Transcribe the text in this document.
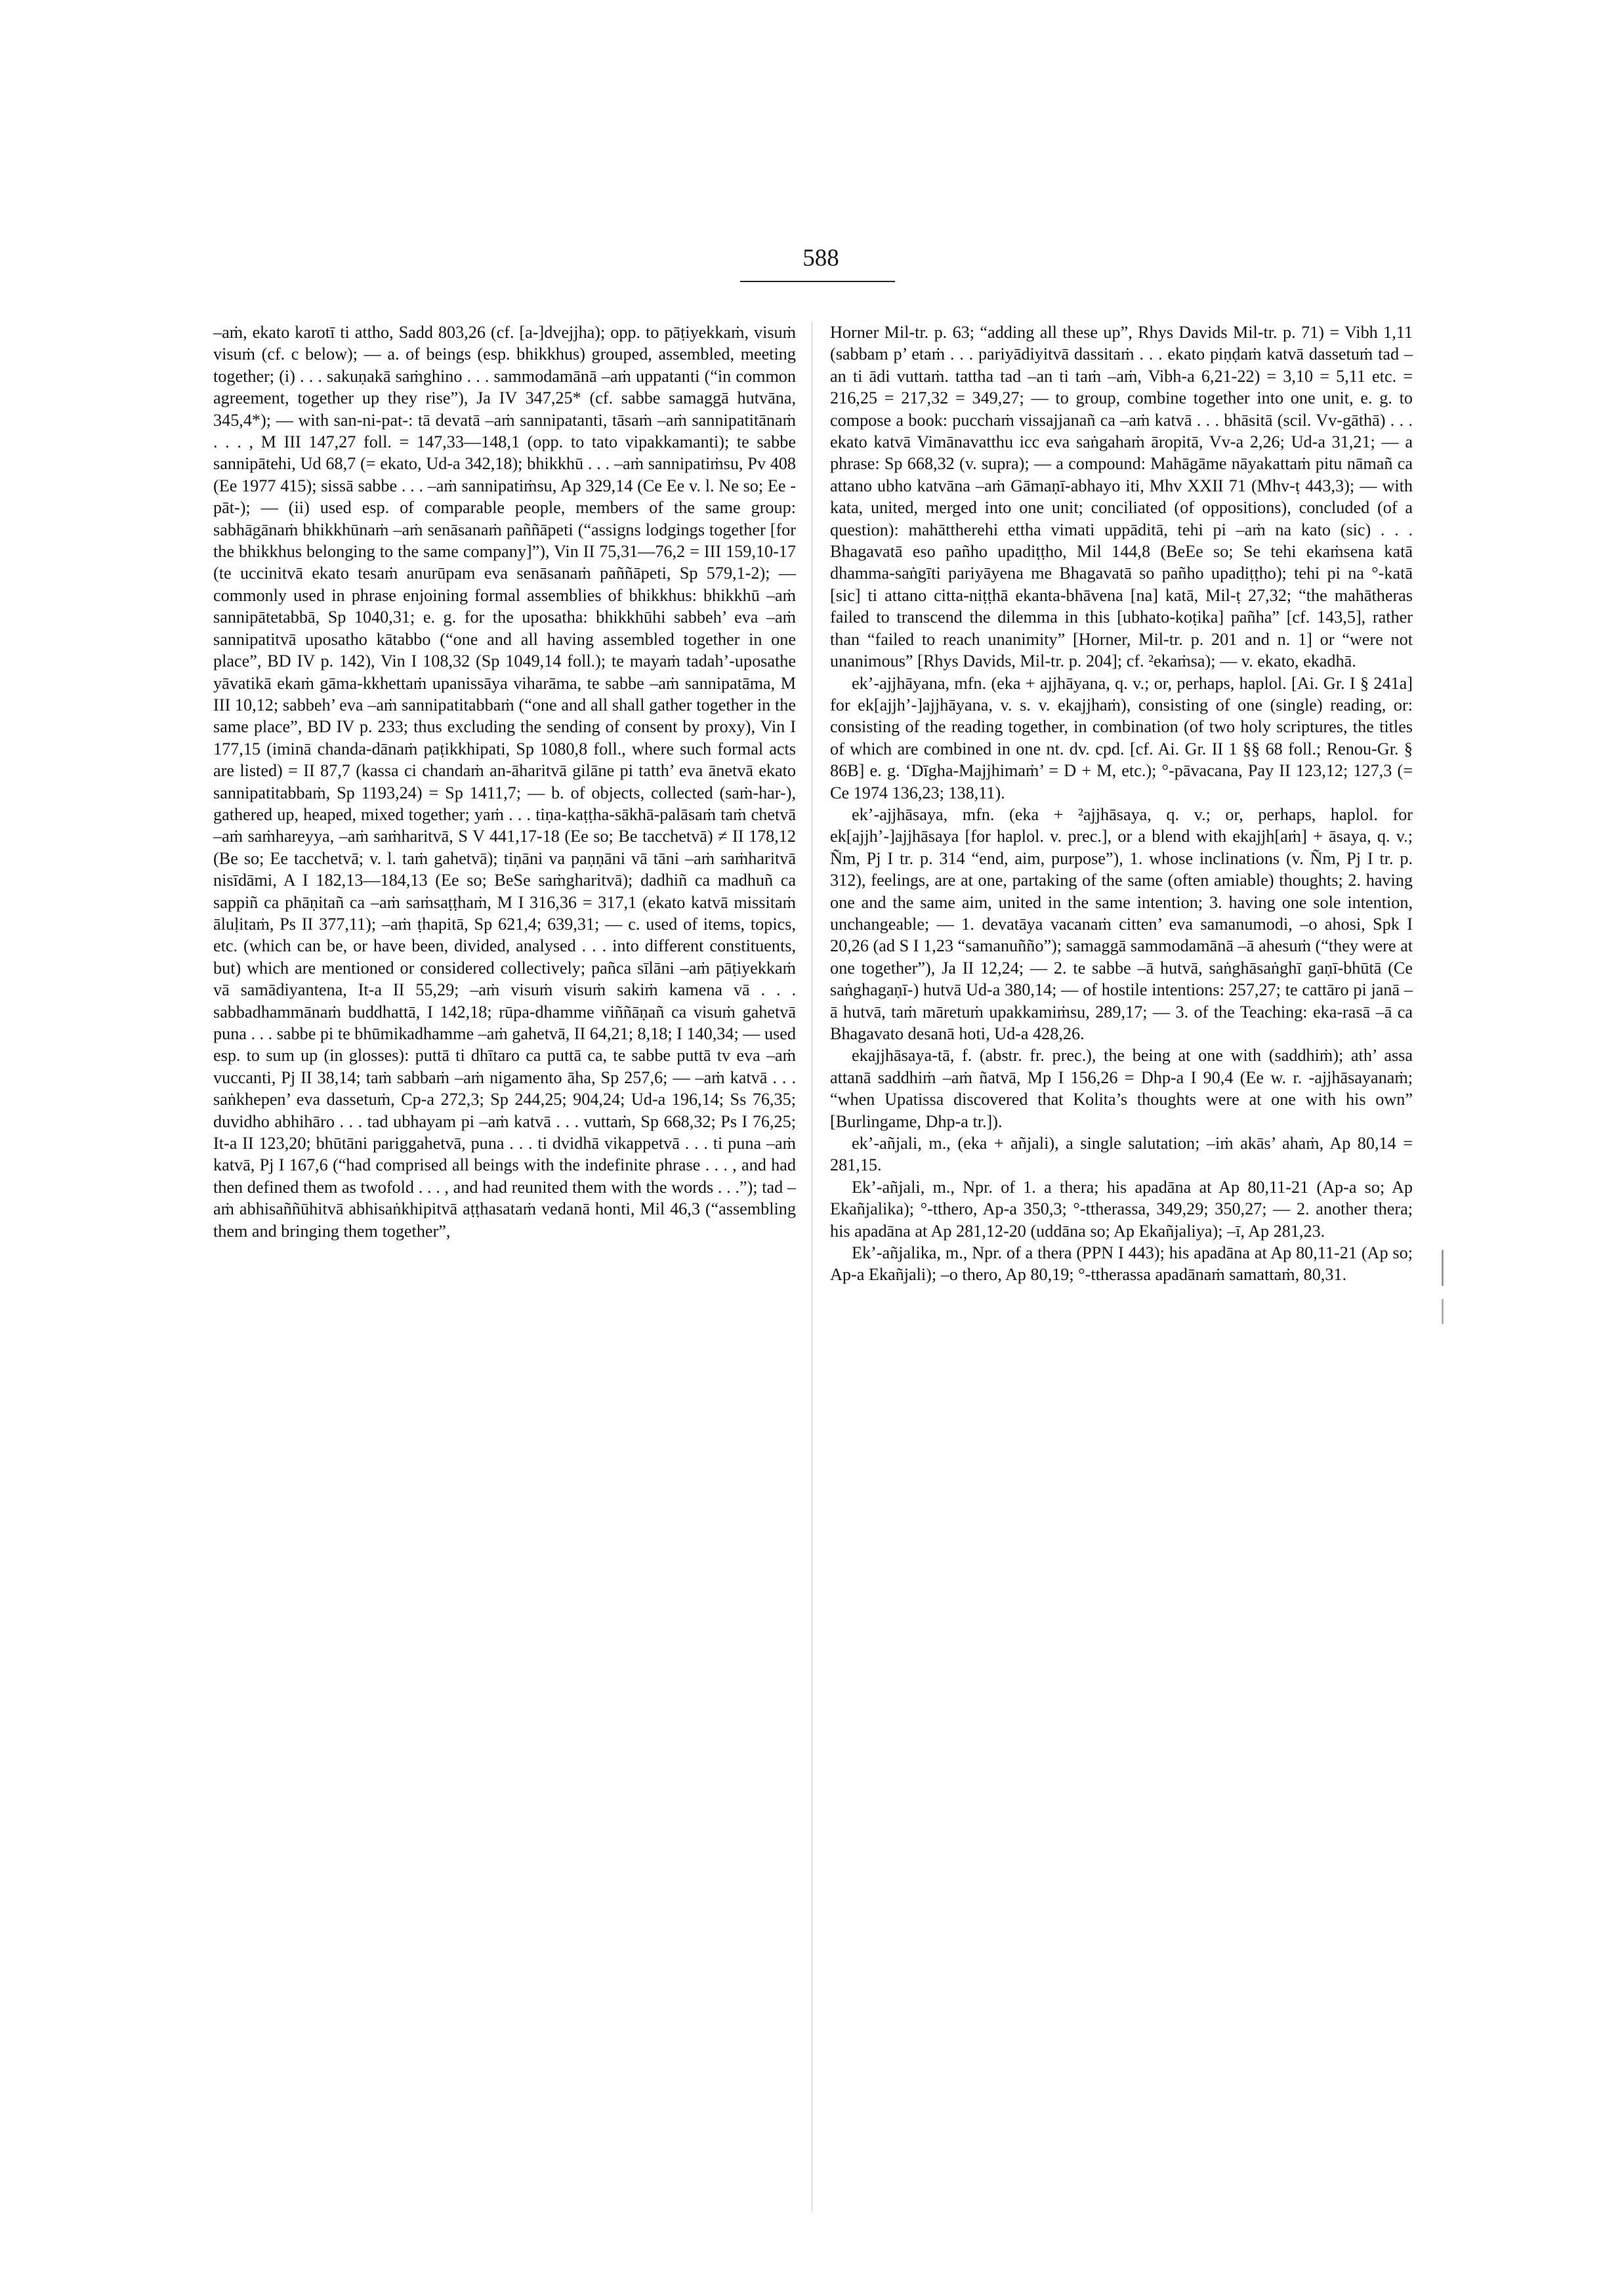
588

–aṁ, ekato karotī ti attho, Sadd 803,26 (cf. [a-]dvejjha); opp. to pāṭiyekkaṁ, visuṁ visuṁ (cf. c below); — a. of beings (esp. bhikkhus) grouped, assembled, meeting together; (i) . . . sakuṇakā saṁghino . . . sammodamānā –aṁ uppatanti (“in common agreement, together up they rise”), Ja IV 347,25* (cf. sabbe samaggā hutvāna, 345,4*); — with san-ni-pat-: tā devatā –aṁ sannipatanti, tāsaṁ –aṁ sannipatitānaṁ . . . , M III 147,27 foll. = 147,33—148,1 (opp. to tato vipakkamanti); te sabbe sannipātehi, Ud 68,7 (= ekato, Ud-a 342,18); bhikkhū . . . –aṁ sannipatiṁsu, Pv 408 (Ee 1977 415); sissā sabbe . . . –aṁ sannipatiṁsu, Ap 329,14 (Ce Ee v. l. Ne so; Ee -pāt-); — (ii) used esp. of comparable people, members of the same group: sabhāgānaṁ bhikkhūnaṁ –aṁ senāsanaṁ paññāpeti (“assigns lodgings together [for the bhikkhus belonging to the same company]”), Vin II 75,31—76,2 = III 159,10-17 (te uccinitvā ekato tesaṁ anurūpam eva senāsanaṁ paññāpeti, Sp 579,1-2); — commonly used in phrase enjoining formal assemblies of bhikkhus: bhikkhū –aṁ sannipātetabbā, Sp 1040,31; e. g. for the uposatha: bhikkhūhi sabbeh’ eva –aṁ sannipatitvā uposatho kātabbo (“one and all having assembled together in one place”, BD IV p. 142), Vin I 108,32 (Sp 1049,14 foll.); te mayaṁ tadah’-uposathe yāvatikā ekaṁ gāma-kkhettaṁ upanissāya viharāma, te sabbe –aṁ sannipatāma, M III 10,12; sabbeh’ eva –aṁ sannipatitabbaṁ (“one and all shall gather together in the same place”, BD IV p. 233; thus excluding the sending of consent by proxy), Vin I 177,15 (iminā chanda-dānaṁ paṭikkhipati, Sp 1080,8 foll., where such formal acts are listed) = II 87,7 (kassa ci chandaṁ an-āharitvā gilāne pi tatth’ eva ānetvā ekato sannipatitabbaṁ, Sp 1193,24) = Sp 1411,7; — b. of objects, collected (saṁ-har-), gathered up, heaped, mixed together; yaṁ . . . tiṇa-kaṭṭha-sākhā-palāsaṁ taṁ chetvā –aṁ saṁhareyya, –aṁ saṁharitvā, S V 441,17-18 (Ee so; Be tacchetvā) ≠ II 178,12 (Be so; Ee tacchetvā; v. l. taṁ gahetvā); tiṇāni va paṇṇāni vā tāni –aṁ saṁharitvā nisīdāmi, A I 182,13—184,13 (Ee so; BeSe saṁgharitvā); dadhiñ ca madhuñ ca sappiñ ca phāṇitañ ca –aṁ saṁsaṭṭhaṁ, M I 316,36 = 317,1 (ekato katvā missitaṁ āluḷitaṁ, Ps II 377,11); –aṁ ṭhapitā, Sp 621,4; 639,31; — c. used of items, topics, etc. (which can be, or have been, divided, analysed . . . into different constituents, but) which are mentioned or considered collectively; pañca sīlāni –aṁ pāṭiyekkaṁ vā samādiyantena, It-a II 55,29; –aṁ visuṁ visuṁ sakiṁ kamena vā . . . sabbadhammānaṁ buddhattā, I 142,18; rūpa-dhamme viññāṇañ ca visuṁ gahetvā puna . . . sabbe pi te bhūmikadhamme –aṁ gahetvā, II 64,21; 8,18; I 140,34; — used esp. to sum up (in glosses): puttā ti dhītaro ca puttā ca, te sabbe puttā tv eva –aṁ vuccanti, Pj II 38,14; taṁ sabbaṁ –aṁ nigamento āha, Sp 257,6; — –aṁ katvā . . . saṅkhepen’ eva dassetuṁ, Cp-a 272,3; Sp 244,25; 904,24; Ud-a 196,14; Ss 76,35; duvidho abhihāro . . . tad ubhayam pi –aṁ katvā . . . vuttaṁ, Sp 668,32; Ps I 76,25; It-a II 123,20; bhūtāni pariggahetvā, puna . . . ti dvidhā vikappetvā . . . ti puna –aṁ katvā, Pj I 167,6 (“had comprised all beings with the indefinite phrase . . . , and had then defined them as twofold . . . , and had reunited them with the words . . .”); tad –aṁ abhisaññūhitvā abhisaṅkhipitvā aṭṭhasataṁ vedanā honti, Mil 46,3 (“assembling them and bringing them together”,

Horner Mil-tr. p. 63; “adding all these up”, Rhys Davids Mil-tr. p. 71) = Vibh 1,11 (sabbam p’ etaṁ . . . pariyādiyitvā dassitaṁ . . . ekato piṇḍaṁ katvā dassetuṁ tad –an ti ādi vuttaṁ. tattha tad –an ti taṁ –aṁ, Vibh-a 6,21-22) = 3,10 = 5,11 etc. = 216,25 = 217,32 = 349,27; — to group, combine together into one unit, e. g. to compose a book: pucchaṁ vissajjanañ ca –aṁ katvā . . . bhāsitā (scil. Vv-gāthā) . . . ekato katvā Vimānavatthu icc eva saṅgahaṁ āropitā, Vv-a 2,26; Ud-a 31,21; — a phrase: Sp 668,32 (v. supra); — a compound: Mahāgāme nāyakattaṁ pitu nāmañ ca attano ubho katvāna –aṁ Gāmaṇī-abhayo iti, Mhv XXII 71 (Mhv-ṭ 443,3); — with kata, united, merged into one unit; conciliated (of oppositions), concluded (of a question): mahāttherehi ettha vimati uppāditā, tehi pi –aṁ na kato (sic) . . . Bhagavatā eso pañho upadiṭṭho, Mil 144,8 (BeEe so; Se tehi ekaṁsena katā dhamma-saṅgīti pariyāyena me Bhagavatā so pañho upadiṭṭho); tehi pi na °-katā [sic] ti attano citta-niṭṭhā ekanta-bhāvena [na] katā, Mil-ṭ 27,32; “the mahātheras failed to transcend the dilemma in this [ubhato-koṭika] pañha” [cf. 143,5], rather than “failed to reach unanimity” [Horner, Mil-tr. p. 201 and n. 1] or “were not unanimous” [Rhys Davids, Mil-tr. p. 204]; cf. ²ekaṁsa); — v. ekato, ekadhā.

ek’-ajjhāyana, mfn. (eka + ajjhāyana, q. v.; or, perhaps, haplol. [Ai. Gr. I § 241a] for ek[ajjh’-]ajjhāyana, v. s. v. ekajjhaṁ), consisting of one (single) reading, or: consisting of the reading together, in combination (of two holy scriptures, the titles of which are combined in one nt. dv. cpd. [cf. Ai. Gr. II 1 §§ 68 foll.; Renou-Gr. § 86B] e. g. ‘Dīgha-Majjhimaṁ’ = D + M, etc.); °-pāvacana, Pay II 123,12; 127,3 (= Ce 1974 136,23; 138,11).

ek’-ajjhāsaya, mfn. (eka + ²ajjhāsaya, q. v.; or, perhaps, haplol. for ek[ajjh’-]ajjhāsaya [for haplol. v. prec.], or a blend with ekajjh[aṁ] + āsaya, q. v.; Ñm, Pj I tr. p. 314 “end, aim, purpose”), 1. whose inclinations (v. Ñm, Pj I tr. p. 312), feelings, are at one, partaking of the same (often amiable) thoughts; 2. having one and the same aim, united in the same intention; 3. having one sole intention, unchangeable; — 1. devatāya vacanaṁ citten’ eva samanumodi, –o ahosi, Spk I 20,26 (ad S I 1,23 “samanuñño”); samaggā sammodamānā –ā ahesuṁ (“they were at one together”), Ja II 12,24; — 2. te sabbe –ā hutvā, saṅghāsaṅghī gaṇī-bhūtā (Ce saṅghagaṇī-) hutvā Ud-a 380,14; — of hostile intentions: 257,27; te cattāro pi janā –ā hutvā, taṁ māretuṁ upakkamiṁsu, 289,17; — 3. of the Teaching: eka-rasā –ā ca Bhagavato desanā hoti, Ud-a 428,26.

ekajjhāsaya-tā, f. (abstr. fr. prec.), the being at one with (saddhiṁ); ath’ assa attanā saddhiṁ –aṁ ñatvā, Mp I 156,26 = Dhp-a I 90,4 (Ee w. r. -ajjhāsayanaṁ; “when Upatissa discovered that Kolita’s thoughts were at one with his own” [Burlingame, Dhp-a tr.]).

ek’-añjali, m., (eka + añjali), a single salutation; –iṁ akās’ ahaṁ, Ap 80,14 = 281,15.

Ek’-añjali, m., Npr. of 1. a thera; his apadāna at Ap 80,11-21 (Ap-a so; Ap Ekañjalika); °-tthero, Ap-a 350,3; °-ttherassa, 349,29; 350,27; — 2. another thera; his apadāna at Ap 281,12-20 (uddāna so; Ap Ekañjaliya); –ī, Ap 281,23.

Ek’-añjalika, m., Npr. of a thera (PPN I 443); his apadāna at Ap 80,11-21 (Ap so; Ap-a Ekañjali); –o thero, Ap 80,19; °-ttherassa apadānaṁ samattaṁ, 80,31.
